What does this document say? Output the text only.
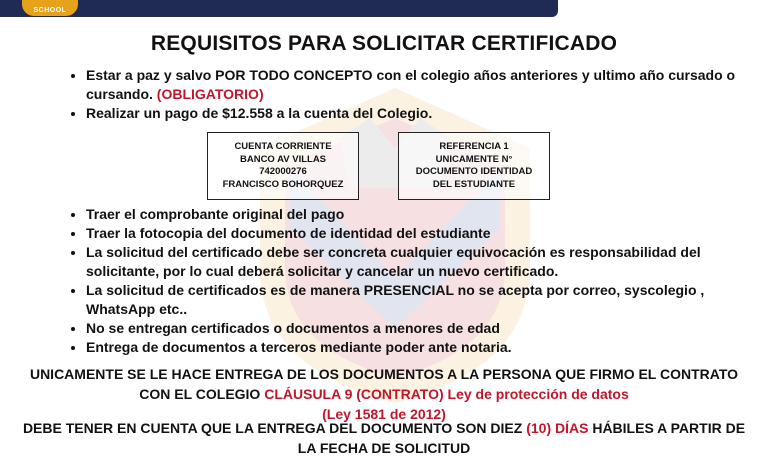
SCHOOL
REQUISITOS PARA SOLICITAR CERTIFICADO
• Estar a paz y salvo POR TODO CONCEPTO con el colegio años anteriores y ultimo año cursado o cursando. (OBLIGATORIO)
• Realizar un pago de $12.558 a la cuenta del Colegio.
CUENTA CORRIENTE
BANCO AV VILLAS
742000276
FRANCISCO BOHORQUEZ
REFERENCIA 1
UNICAMENTE N°
DOCUMENTO IDENTIDAD
DEL ESTUDIANTE
• Traer el comprobante original del pago
• Traer la fotocopia del documento de identidad del estudiante
• La solicitud del certificado debe ser concreta cualquier equivocación es responsabilidad del solicitante, por lo cual deberá solicitar y cancelar un nuevo certificado.
• La solicitud de certificados es de manera PRESENCIAL no se acepta por correo, syscolegio , WhatsApp etc..
• No se entregan certificados o documentos a menores de edad
• Entrega de documentos a terceros mediante poder ante notaria.
UNICAMENTE SE LE HACE ENTREGA DE LOS DOCUMENTOS A LA PERSONA QUE FIRMO EL CONTRATO CON EL COLEGIO CLÁUSULA 9 (CONTRATO) Ley de protección de datos
(Ley 1581 de 2012)
DEBE TENER EN CUENTA QUE LA ENTREGA DEL DOCUMENTO SON DIEZ (10) DÍAS HÁBILES A PARTIR DE LA FECHA DE SOLICITUD
